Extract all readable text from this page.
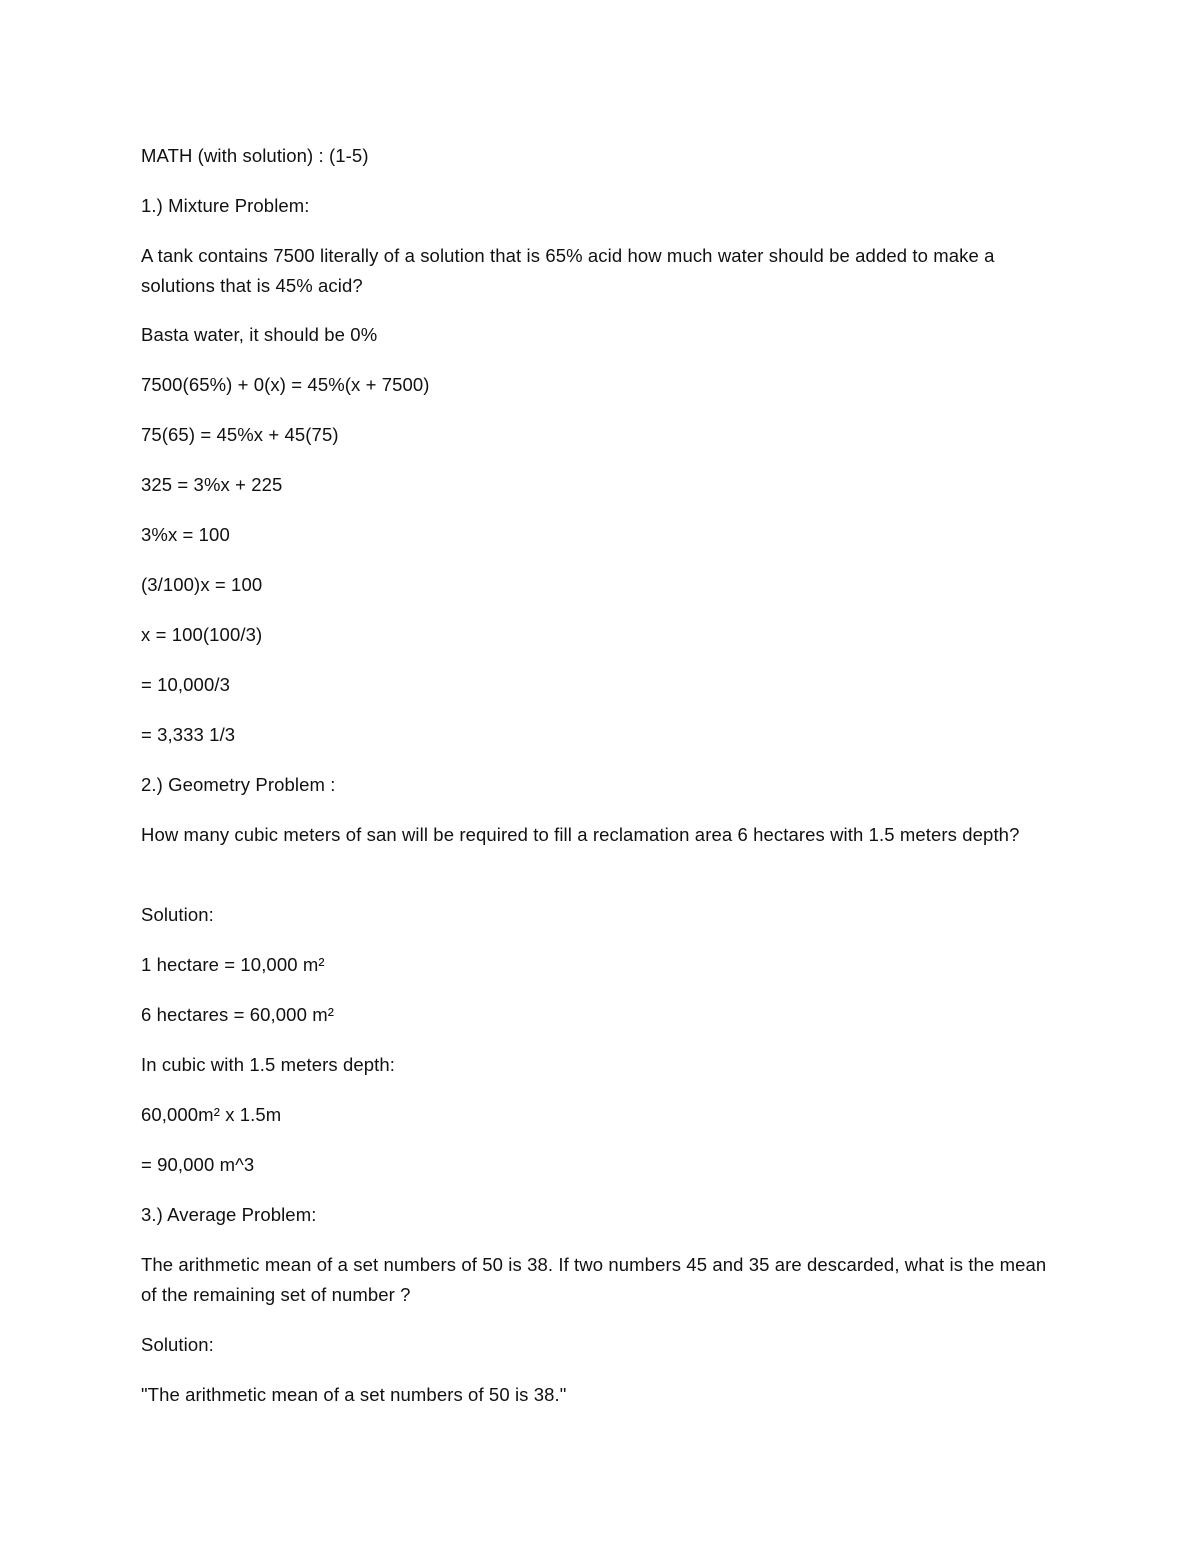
MATH (with solution) : (1-5)
1.) Mixture Problem:
A tank contains 7500 literally of a solution that is 65% acid how much water should be added to make a solutions that is 45% acid?
Basta water, it should be 0%
7500(65%) + 0(x) = 45%(x + 7500)
75(65) = 45%x + 45(75)
325 = 3%x + 225
3%x = 100
(3/100)x = 100
x = 100(100/3)
= 10,000/3
= 3,333 1/3
2.) Geometry Problem :
How many cubic meters of san will be required to fill a reclamation area 6 hectares with 1.5 meters depth?
Solution:
1 hectare = 10,000 m²
6 hectares = 60,000 m²
In cubic with 1.5 meters depth:
60,000m² x 1.5m
= 90,000 m^3
3.) Average Problem:
The arithmetic mean of a set numbers of 50 is 38. If two numbers 45 and 35 are descarded, what is the mean of the remaining set of number ?
Solution:
"The arithmetic mean of a set numbers of 50 is 38."
